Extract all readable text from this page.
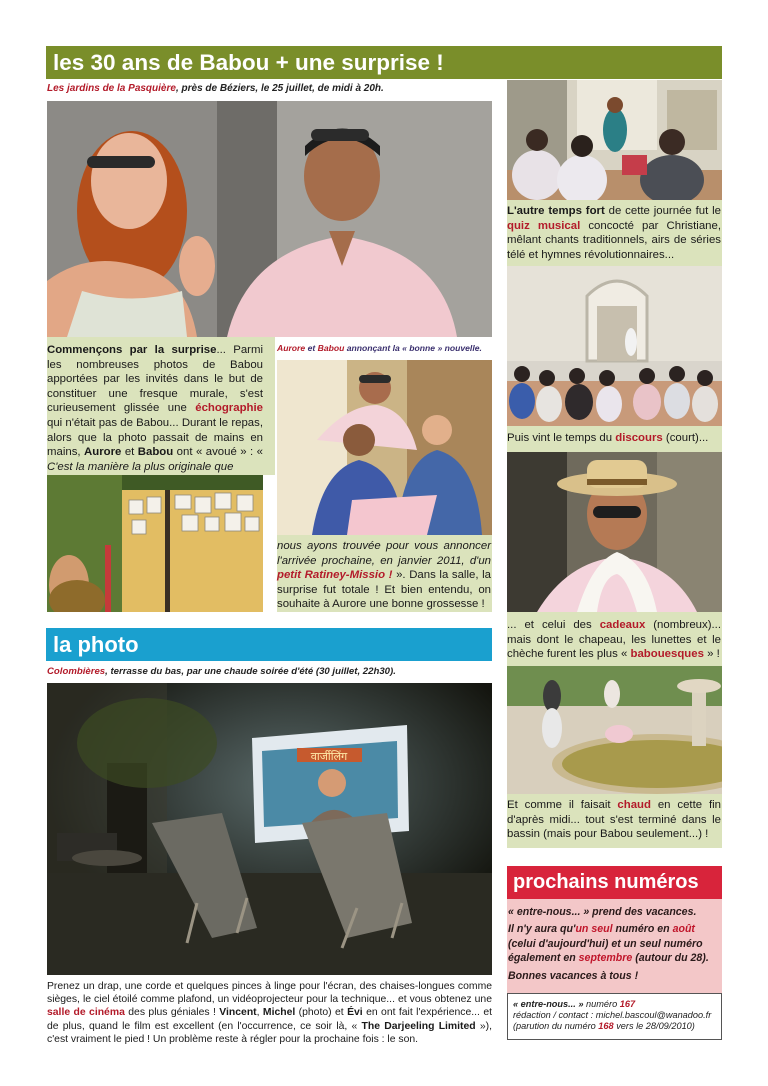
les 30 ans de Babou + une surprise !
Les jardins de la Pasquière, près de Béziers, le 25 juillet, de midi à 20h.
L'autre temps fort de cette journée fut le quiz musical concocté par Christiane, mêlant chants traditionnels, airs de séries télé et hymnes révolutionnaires...
Puis vint le temps du discours (court)...
... et celui des cadeaux (nombreux)... mais dont le chapeau, les lunettes et le chèche furent les plus « babouesques » !
Et comme il faisait chaud en cette fin d'après midi... tout s'est terminé dans le bassin (mais pour Babou seulement...) !
Commençons par la surprise... Parmi les nombreuses photos de Babou apportées par les invités dans le but de constituer une fresque murale, s'est curieusement glissée une échographie qui n'était pas de Babou... Durant le repas, alors que la photo passait de mains en mains, Aurore et Babou ont « avoué » : « C'est la manière la plus originale que
Aurore et Babou annonçant la « bonne » nouvelle.
nous ayons trouvée pour vous annoncer l'arrivée prochaine, en janvier 2011, d'un petit Ratiney-Missio ! ». Dans la salle, la surprise fut totale ! Et bien entendu, on souhaite à Aurore une bonne grossesse !
la photo
Colombières, terrasse du bas, par une chaude soirée d'été (30 juillet, 22h30).
वार्जीलिंग
Prenez un drap, une corde et quelques pinces à linge pour l'écran, des chaises-longues comme sièges, le ciel étoilé comme plafond, un vidéoprojecteur pour la technique... et vous obtenez une salle de cinéma des plus géniales ! Vincent, Michel (photo) et Évi en ont fait l'expérience... et de plus, quand le film est excellent (en l'occurrence, ce soir là, « The Darjeeling Limited »), c'est vraiment le pied ! Un problème reste à régler pour la prochaine fois : le son.
prochains numéros
« entre-nous... » prend des vacances.
Il n'y aura qu'un seul numéro en août (celui d'aujourd'hui) et un seul numéro également en septembre (autour du 28).
Bonnes vacances à tous !
« entre-nous... » numéro 167
rédaction / contact : michel.bascoul@wanadoo.fr
(parution du numéro 168 vers le 28/09/2010)
